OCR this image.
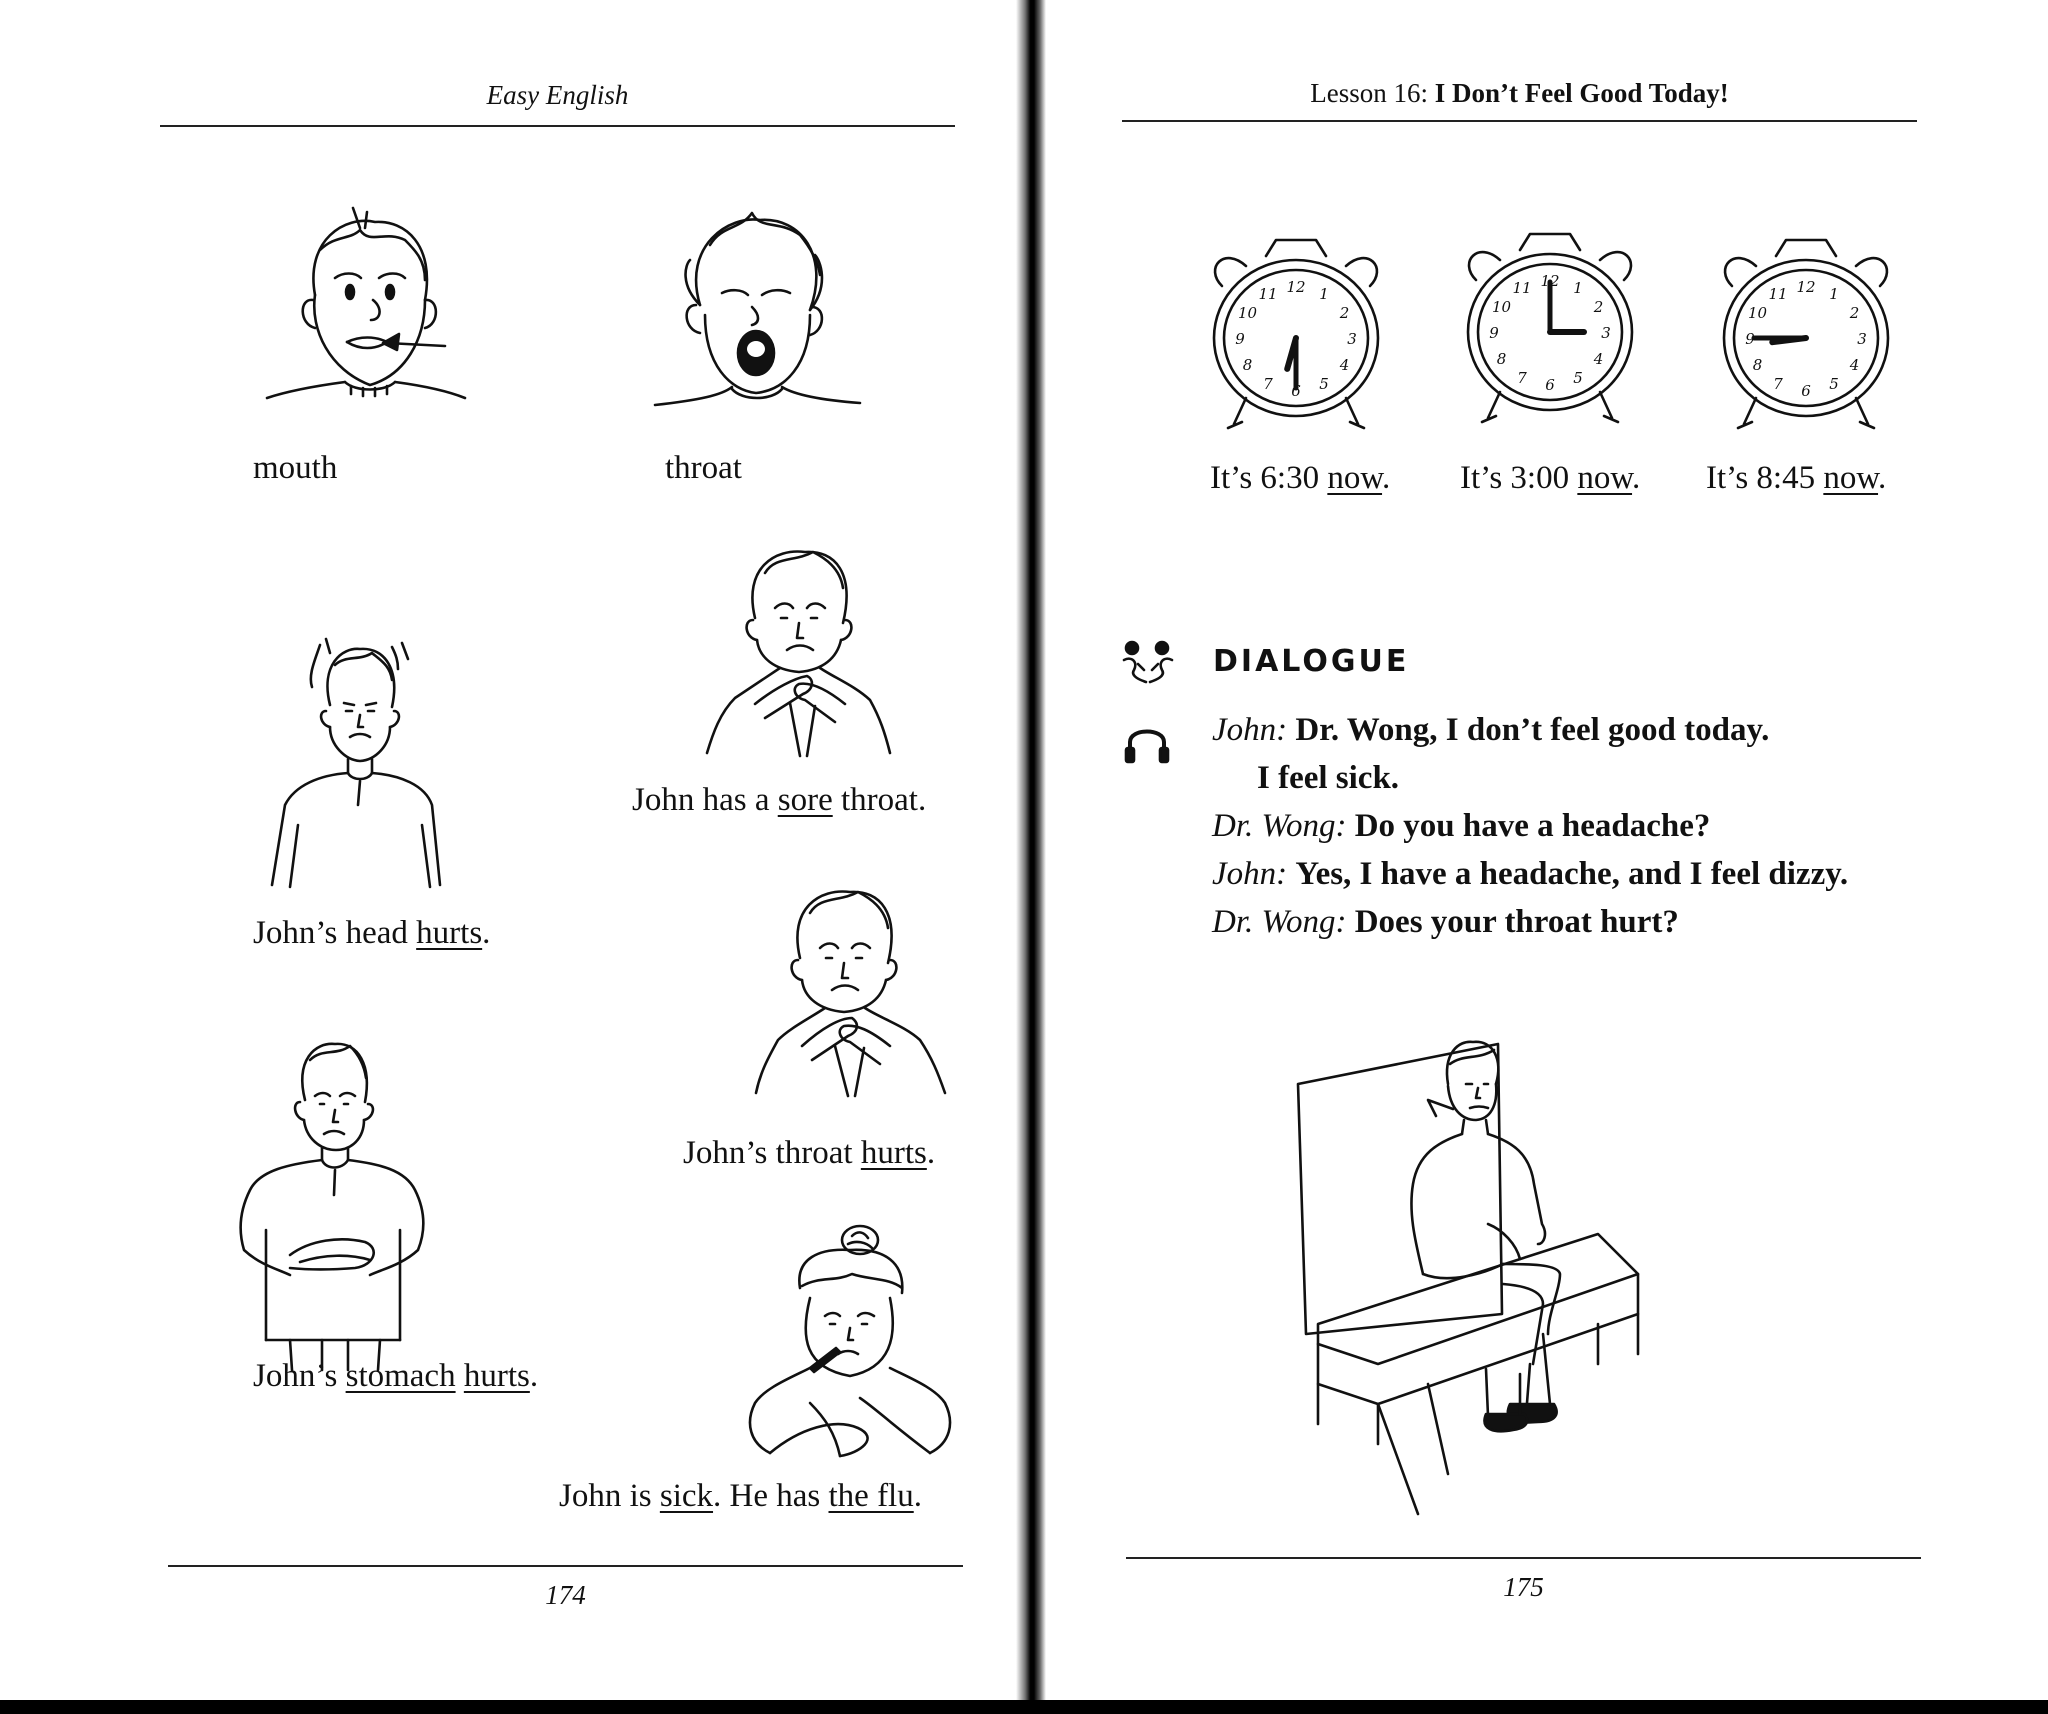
Easy English
mouth	throat
John’s head hurts.
John has a sore throat.
John’s throat hurts.
John’s stomach hurts.
John is sick. He has the flu.
174
Lesson 16: I Don’t Feel Good Today!
1
2
3
4
5
6
7
8
9
10
11 12
It’s 6:30 now.
1
2
3
4
5
6
7
8
9
10
11 12
It’s 3:00 now.
1
2
3
4
5
6
7
8
9
10
11 12
It’s 8:45 now.
DIALOGUE
John: Dr. Wong, I don’t feel good today.
I feel sick.
Dr. Wong: Do you have a headache?
John: Yes, I have a headache, and I feel dizzy.
Dr. Wong: Does your throat hurt?
175
